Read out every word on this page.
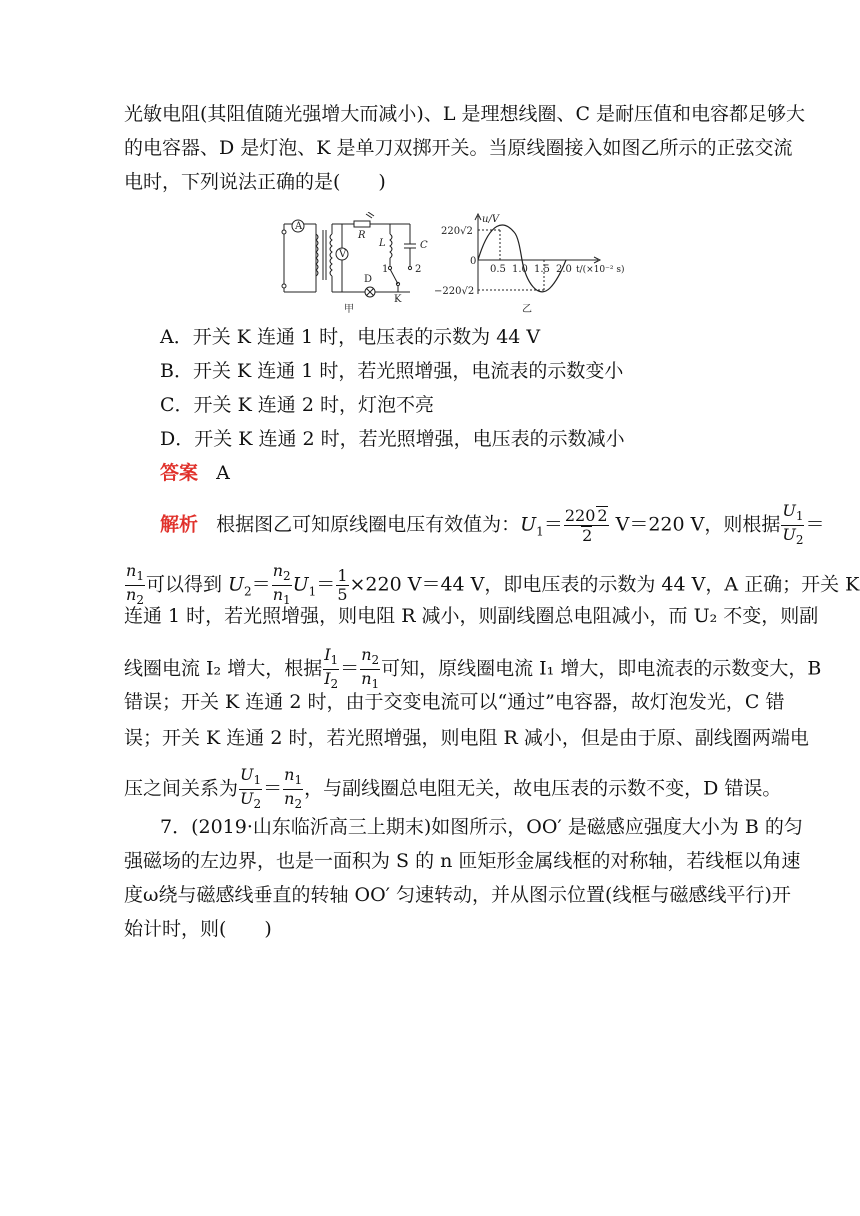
光敏电阻(其阻值随光强增大而减小)、L 是理想线圈、C 是耐压值和电容都足够大
的电容器、D 是灯泡、K 是单刀双掷开关。当原线圈接入如图乙所示的正弦交流
电时，下列说法正确的是(　　)
A
V
R
L	C
D
K
1	2
甲
u/V
220√2
0
−220√2
0.5 1.0 1.5 2.0 t/(×10⁻² s)
乙
A．开关 K 连通 1 时，电压表的示数为 44 V
B．开关 K 连通 1 时，若光照增强，电流表的示数变小
C．开关 K 连通 2 时，灯泡不亮
D．开关 K 连通 2 时，若光照增强，电压表的示数减小
答案 A
解析 根据图乙可知原线圈电压有效值为：$U_1= \frac{220 2}{2} V=220$ V，则根据 $\frac{U_1}{U_2}$ ＝
$\frac{n_1}{n_2}$ 可以得到 $U_2= \frac{n_2}{n_1} U_1= \frac{1}{5} \times 220$ V＝44 V，即电压表的示数为 44 V，A 正确；开关 K
连通 1 时，若光照增强，则电阻 R 减小，则副线圈总电阻减小，而 U₂ 不变，则副
线圈电流 I₂ 增大，根据 $\frac{I_1}{I_2} = \frac{n_2}{n_1}$ 可知，原线圈电流 I₁ 增大，即电流表的示数变大，B
错误；开关 K 连通 2 时，由于交变电流可以“通过”电容器，故灯泡发光，C 错
误；开关 K 连通 2 时，若光照增强，则电阻 R 减小，但是由于原、副线圈两端电
压之间关系为 $\frac{U_1}{U_2} = \frac{n_1}{n_2}$ ，与副线圈总电阻无关，故电压表的示数不变，D 错误。
7．(2019·山东临沂高三上期末)如图所示，OO′ 是磁感应强度大小为 B 的匀
强磁场的左边界，也是一面积为 S 的 n 匝矩形金属线框的对称轴，若线框以角速
度ω绕与磁感线垂直的转轴 OO′ 匀速转动，并从图示位置(线框与磁感线平行)开
始计时，则(　　)
